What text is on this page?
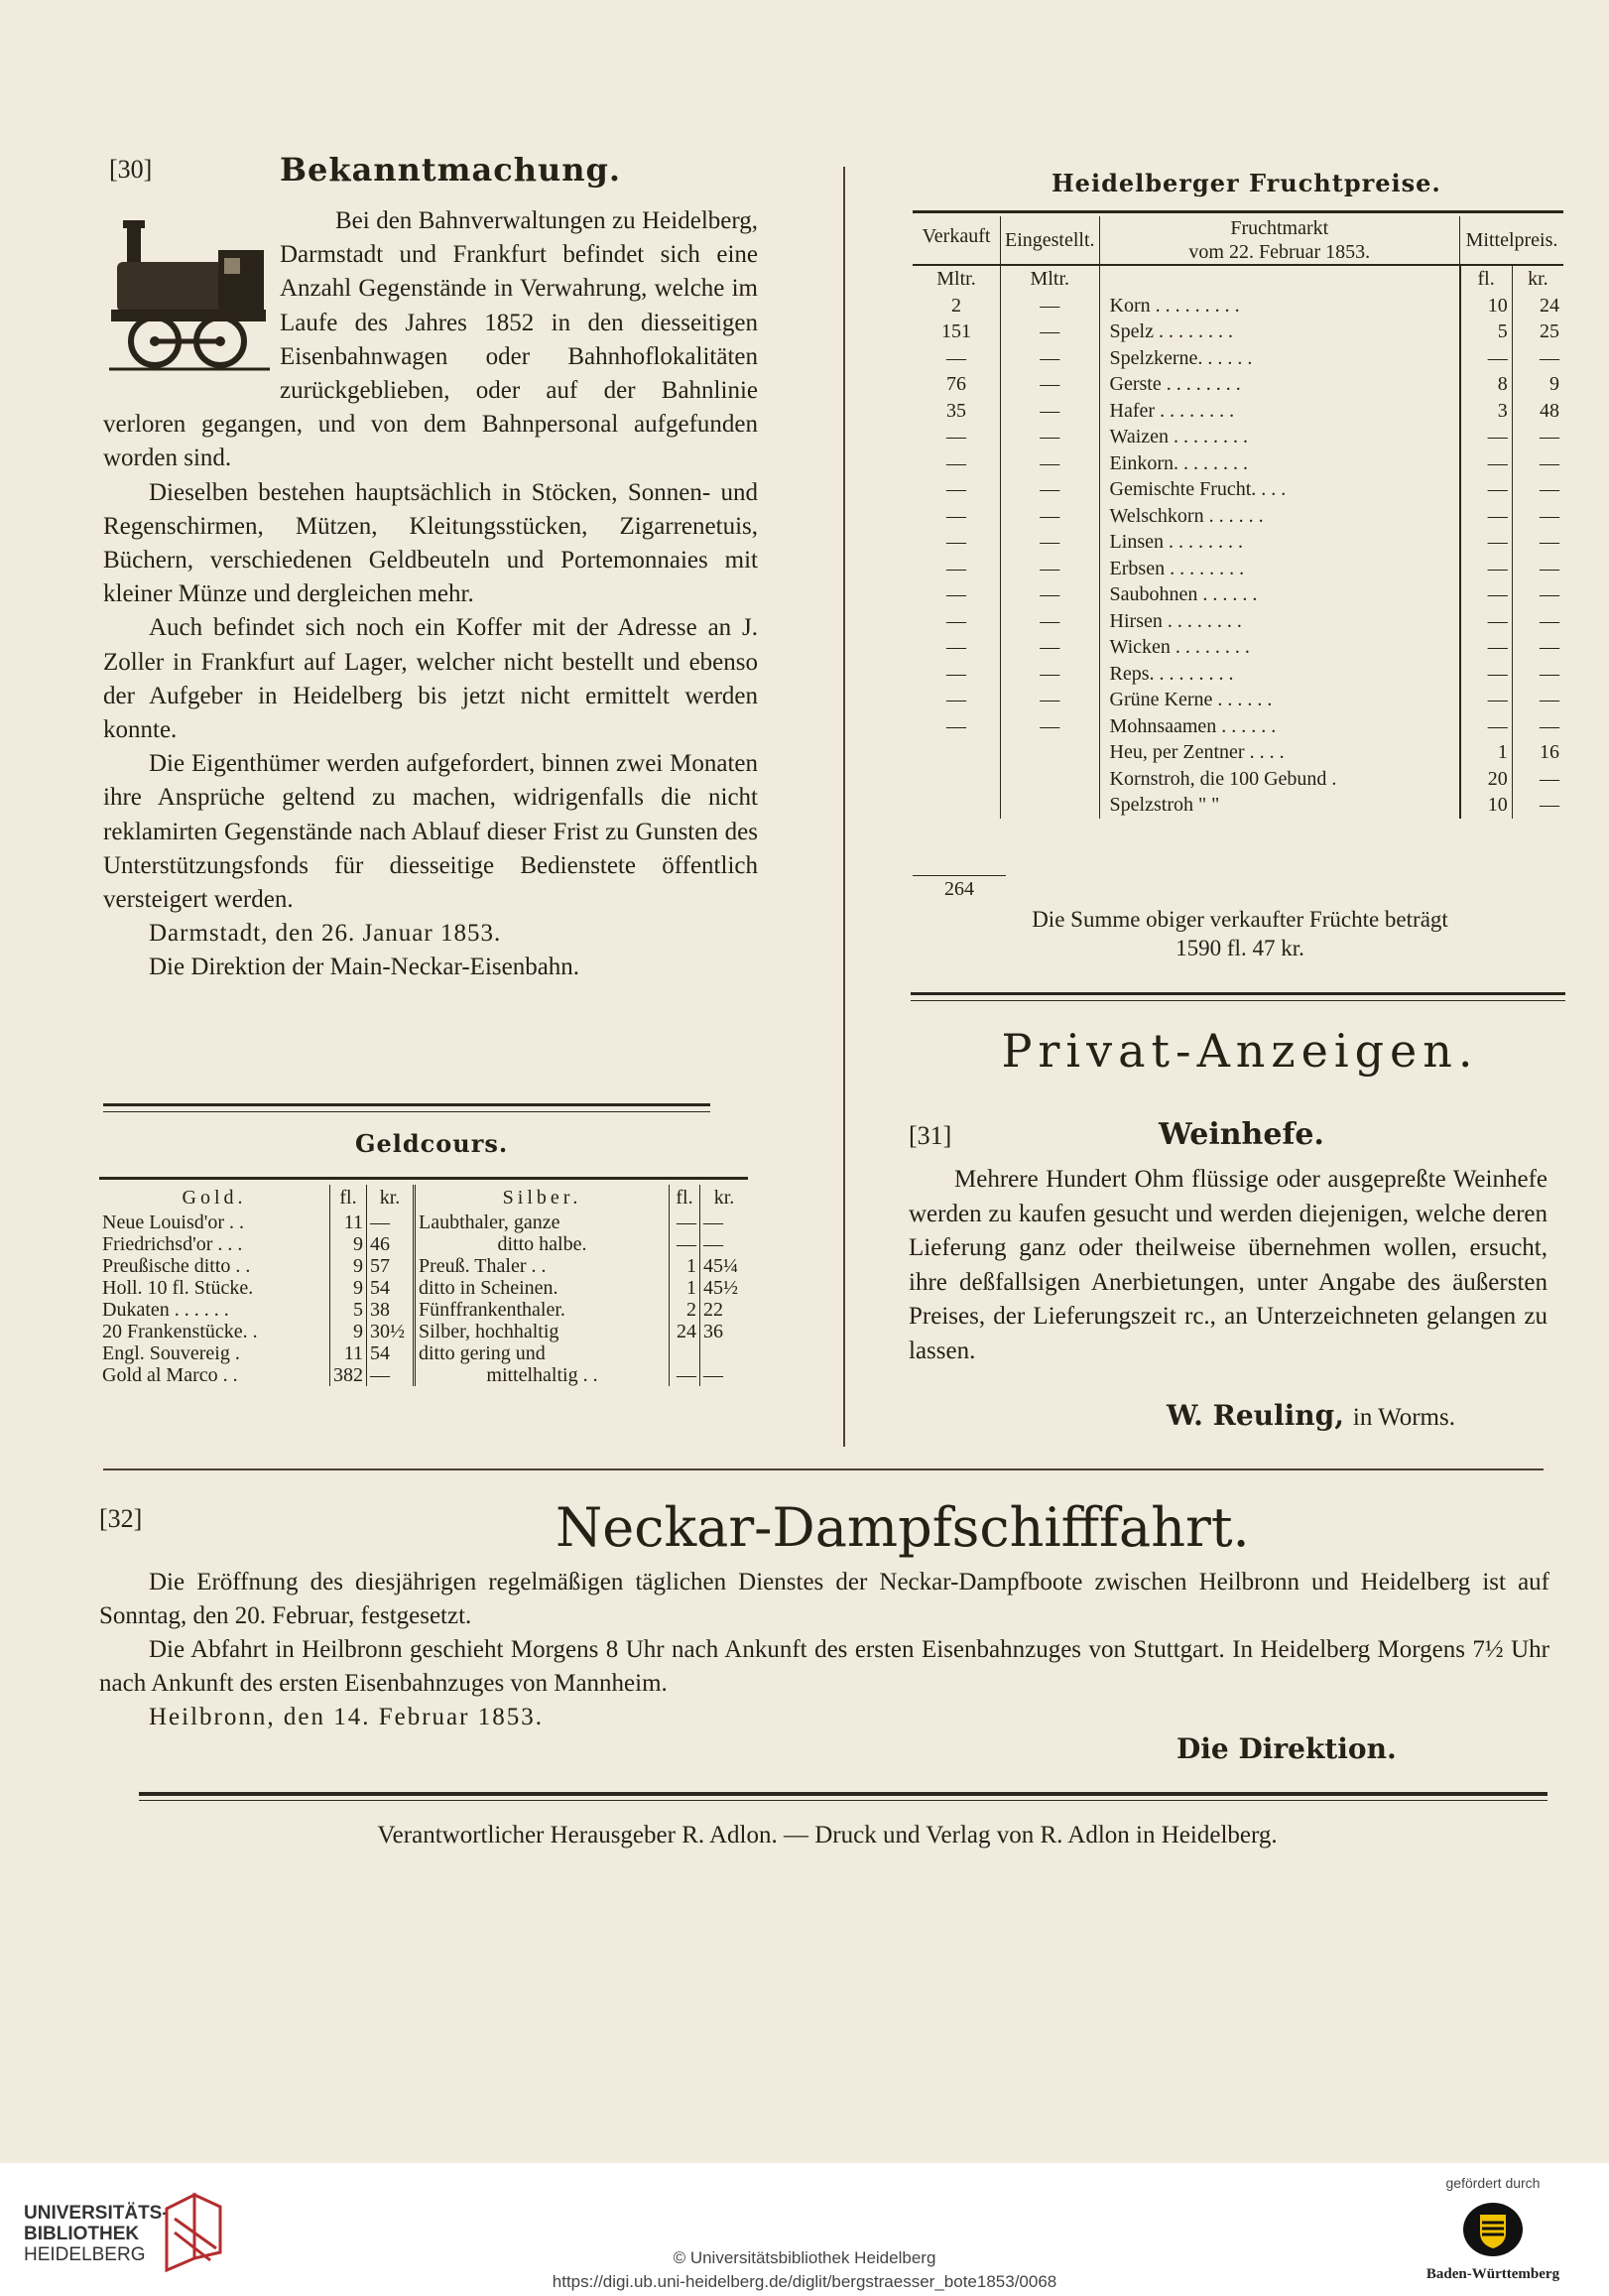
[30]	Bekanntmachung.

Bei den Bahnverwaltungen zu Heidelberg, Darmstadt und Frankfurt befindet sich eine Anzahl Gegenstände in Verwahrung, welche im Laufe des Jahres 1852 in den diesseitigen Eisenbahnwagen oder Bahnhoflokalitäten zurückgeblieben, oder auf der Bahnlinie verloren gegangen, und von dem Bahnpersonal aufgefunden worden sind.

Dieselben bestehen hauptsächlich in Stöcken, Sonnen- und Regenschirmen, Mützen, Kleitungsstücken, Zigarrenetuis, Büchern, verschiedenen Geldbeuteln und Portemonnaies mit kleiner Münze und dergleichen mehr.

Auch befindet sich noch ein Koffer mit der Adresse an J. Zoller in Frankfurt auf Lager, welcher nicht bestellt und ebenso der Aufgeber in Heidelberg bis jetzt nicht ermittelt werden konnte.

Die Eigenthümer werden aufgefordert, binnen zwei Monaten ihre Ansprüche geltend zu machen, widrigenfalls die nicht reklamirten Gegenstände nach Ablauf dieser Frist zu Gunsten des Unterstützungsfonds für diesseitige Bedienstete öffentlich versteigert werden.

Darmstadt, den 26. Januar 1853.

Die Direktion der Main-Neckar-Eisenbahn.

Geldcours.
Gold.	fl.	kr.	Silber.	fl.	kr.
Neue Louisd'or . .	11	—	Laubthaler, ganze	—	—
Friedrichsd'or . . .	9	46	ditto halbe.	—	—
Preußische ditto . .	9	57	Preuß. Thaler . .	1	45¼
Holl. 10 fl. Stücke.	9	54	ditto in Scheinen.	1	45½
Dukaten . . . . . .	5	38	Fünffrankenthaler.	2	22
20 Frankenstücke. .	9	30½	Silber, hochhaltig	24	36
Engl. Souvereig .	11	54	ditto gering und		
Gold al Marco . .	382	—	mittelhaltig . .	—	—
Heidelberger Fruchtpreise.
Verkauft	Eingestellt.	Fruchtmarkt
vom 22. Februar 1853.	Mittelpreis.	
Mltr.	Mltr.		fl.	kr.
2	—	Korn . . . . . . . . .	10	24
151	—	Spelz . . . . . . . .	5	25
—	—	Spelzkerne. . . . . .	—	—
76	—	Gerste . . . . . . . .	8	9
35	—	Hafer . . . . . . . .	3	48
—	—	Waizen . . . . . . . .	—	—
—	—	Einkorn. . . . . . . .	—	—
—	—	Gemischte Frucht. . . .	—	—
—	—	Welschkorn . . . . . .	—	—
—	—	Linsen . . . . . . . .	—	—
—	—	Erbsen . . . . . . . .	—	—
—	—	Saubohnen . . . . . .	—	—
—	—	Hirsen . . . . . . . .	—	—
—	—	Wicken . . . . . . . .	—	—
—	—	Reps. . . . . . . . .	—	—
—	—	Grüne Kerne . . . . . .	—	—
—	—	Mohnsaamen . . . . . .	—	—
		Heu, per Zentner . . . .	1	16
		Kornstroh, die 100 Gebund .	20	—
		Spelzstroh " "	10	—
264
Die Summe obiger verkaufter Früchte beträgt
1590 fl. 47 kr.
Privat-Anzeigen.
[31]	Weinhefe.
Mehrere Hundert Ohm flüssige oder ausgepreßte Weinhefe werden zu kaufen gesucht und werden diejenigen, welche deren Lieferung ganz oder theilweise übernehmen wollen, ersucht, ihre deßfallsigen Anerbietungen, unter Angabe des äußersten Preises, der Lieferungszeit rc., an Unterzeichneten gelangen zu lassen.
W. Reuling, in Worms.
[32]	Neckar-Dampfschifffahrt.

Die Eröffnung des diesjährigen regelmäßigen täglichen Dienstes der Neckar-Dampfboote zwischen Heilbronn und Heidelberg ist auf Sonntag, den 20. Februar, festgesetzt.

Die Abfahrt in Heilbronn geschieht Morgens 8 Uhr nach Ankunft des ersten Eisenbahnzuges von Stuttgart. In Heidelberg Morgens 7½ Uhr nach Ankunft des ersten Eisenbahnzuges von Mannheim.

Heilbronn, den 14. Februar 1853.

Die Direktion.
Verantwortlicher Herausgeber R. Adlon. — Druck und Verlag von R. Adlon in Heidelberg.
UNIVERSITÄTS-
BIBLIOTHEK
HEIDELBERG	© Universitätsbibliothek Heidelberg
https://digi.ub.uni-heidelberg.de/diglit/bergstraesser_bote1853/0068
gefördert durch
Baden-Württemberg
